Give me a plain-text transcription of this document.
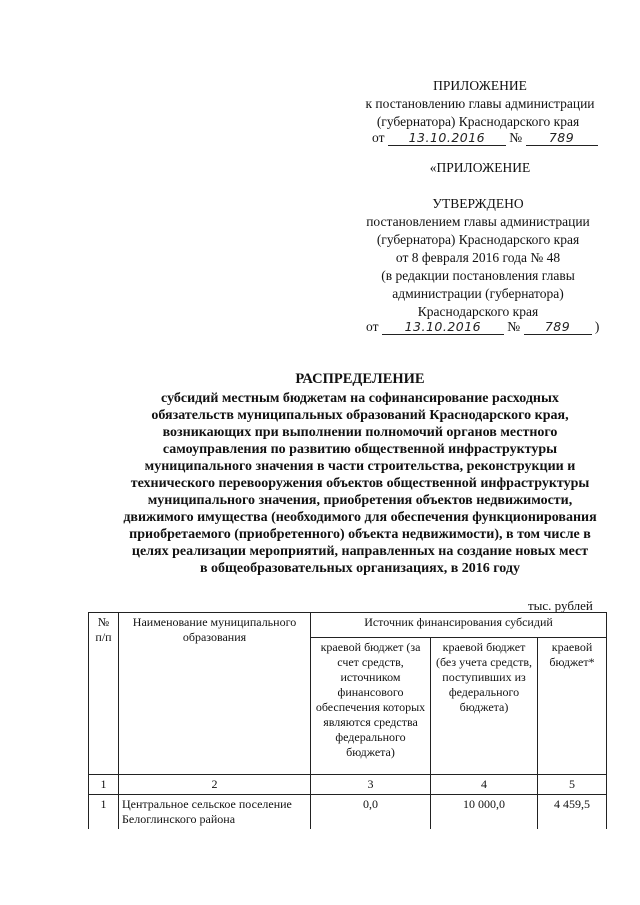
ПРИЛОЖЕНИЕ
к постановлению главы администрации
(губернатора) Краснодарского края
от 13.10.2016 № 789
«ПРИЛОЖЕНИЕ
УТВЕРЖДЕНО
постановлением главы администрации
(губернатора) Краснодарского края
от 8 февраля 2016 года № 48
(в редакции постановления главы
администрации (губернатора)
Краснодарского края
от 13.10.2016 № 789 )
РАСПРЕДЕЛЕНИЕ
субсидий местным бюджетам на софинансирование расходных
обязательств муниципальных образований Краснодарского края,
возникающих при выполнении полномочий органов местного
самоуправления по развитию общественной инфраструктуры
муниципального значения в части строительства, реконструкции и
технического перевооружения объектов общественной инфраструктуры
муниципального значения, приобретения объектов недвижимости,
движимого имущества (необходимого для обеспечения функционирования
приобретаемого (приобретенного) объекта недвижимости), в том числе в
целях реализации мероприятий, направленных на создание новых мест
в общеобразовательных организациях, в 2016 году
тыс. рублей
№ п/п	Наименование муниципального образования	Источник финансирования субсидий		
		краевой бюджет (за счет средств, источником финансового обеспечения которых являются средства федерального бюджета)	краевой бюджет (без учета средств, поступивших из федерального бюджета)	краевой бюджет*
1	2	3	4	5
1	Центральное сельское поселение Белоглинского района	0,0	10 000,0	4 459,5
